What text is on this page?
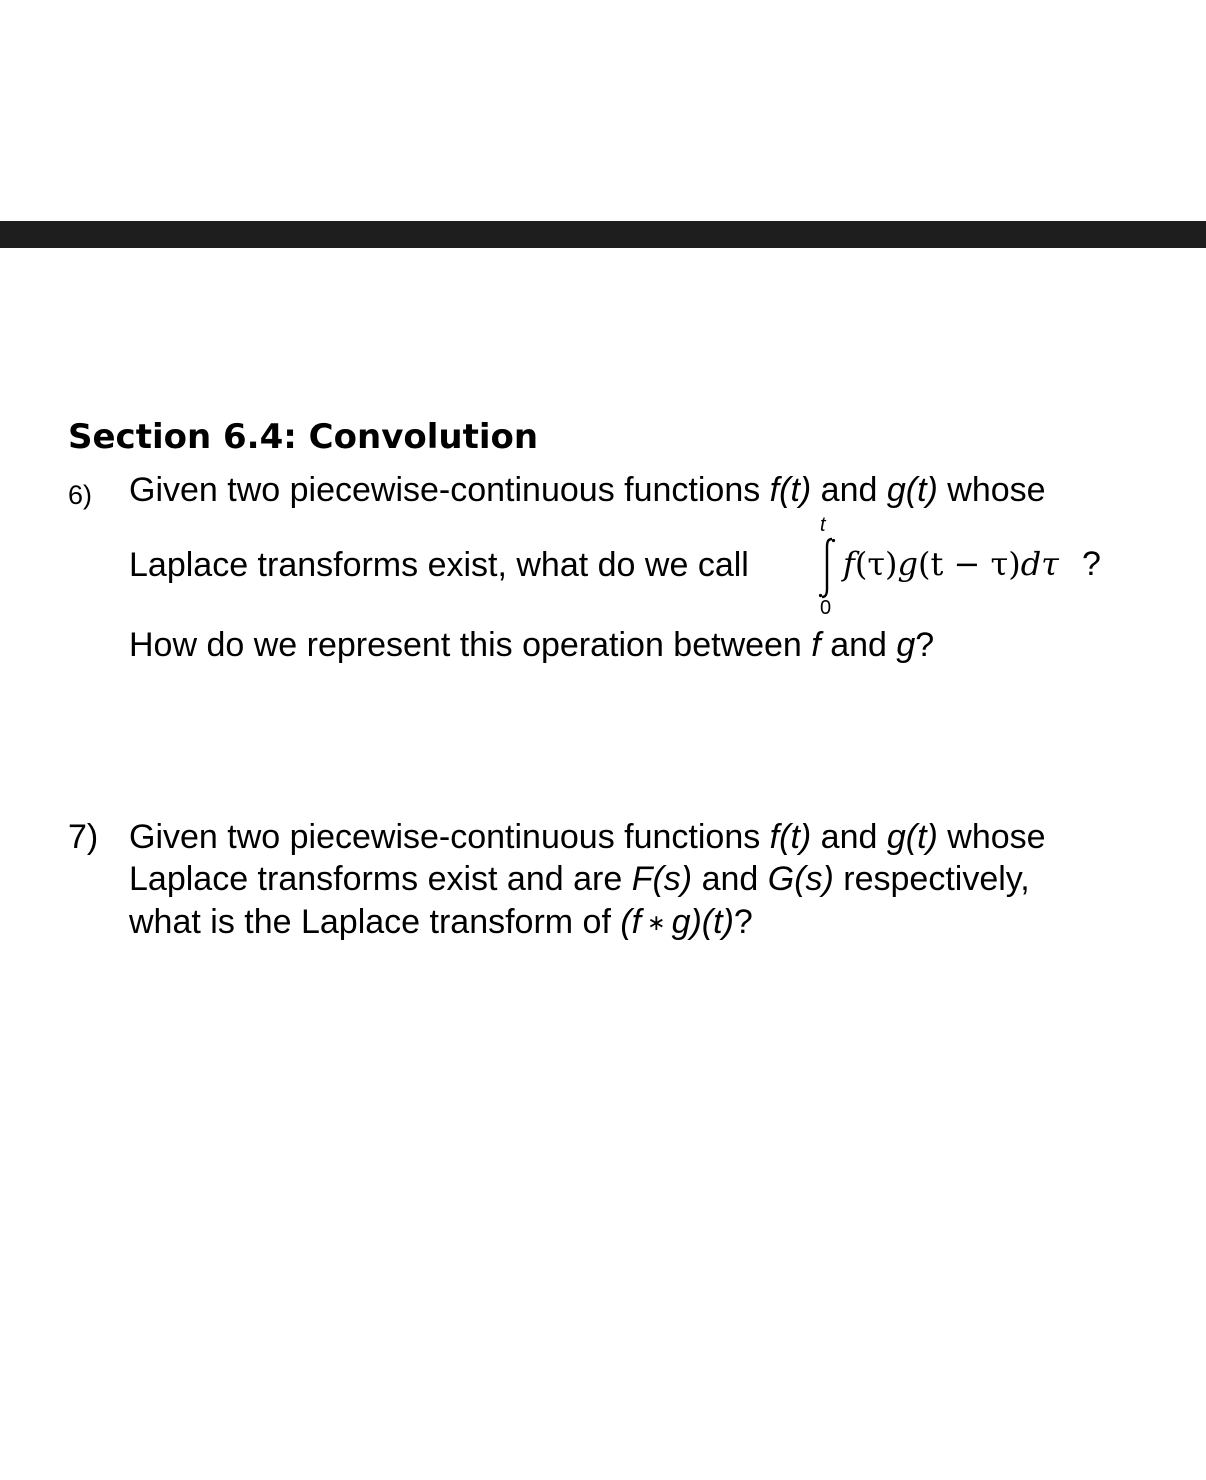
Section 6.4: Convolution
6) Given two piecewise-continuous functions f(t) and g(t) whose
Laplace transforms exist, what do we call
t
0
f(τ)g(t − τ)dτ ?
How do we represent this operation between f and g?
7) Given two piecewise-continuous functions f(t) and g(t) whose
Laplace transforms exist and are F(s) and G(s) respectively,
what is the Laplace transform of (f ∗ g)(t)?
